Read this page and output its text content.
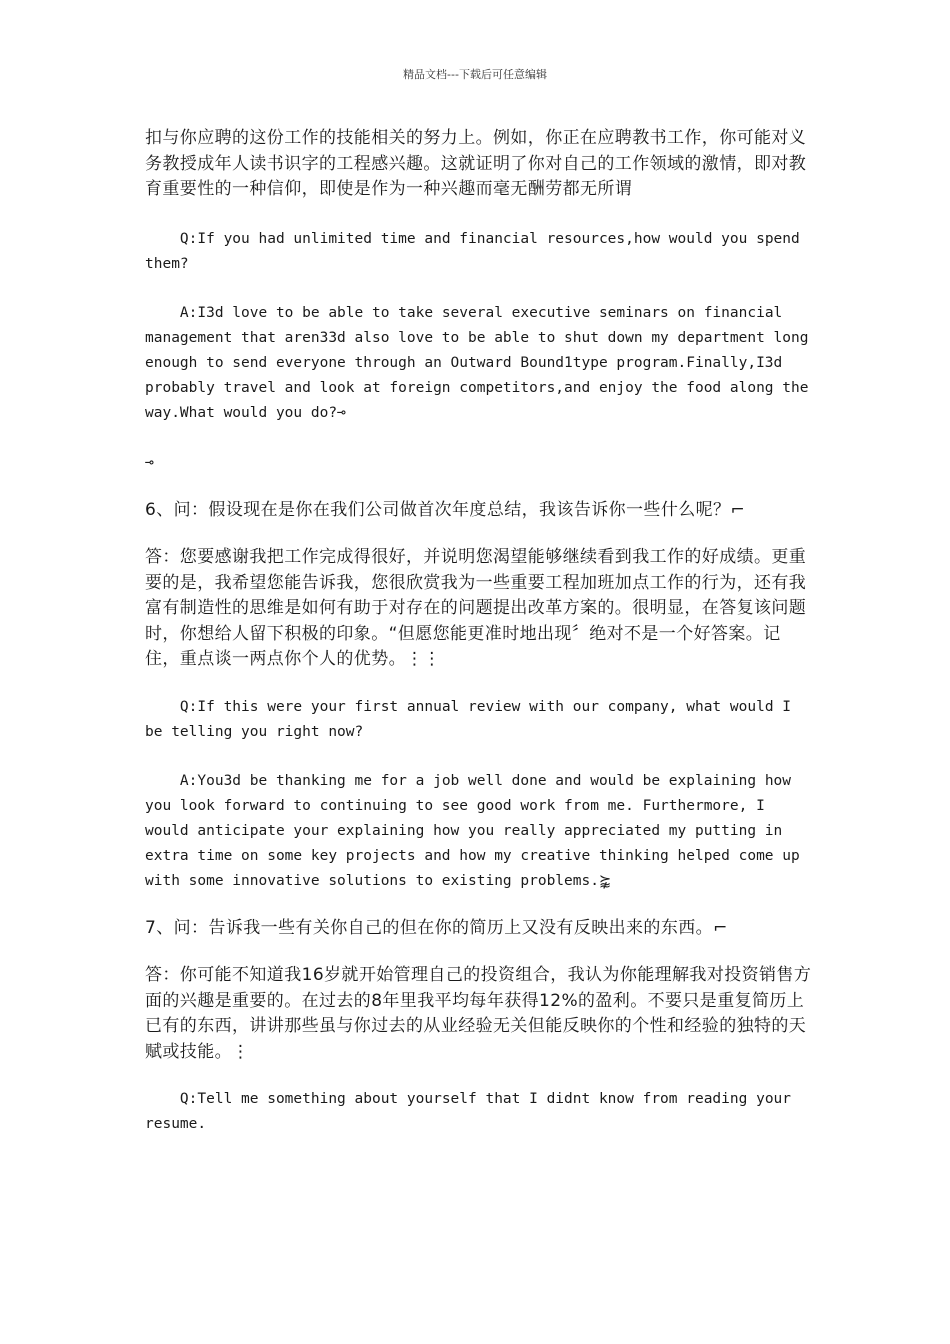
精品文档---下载后可任意编辑

扣与你应聘的这份工作的技能相关的努力上。例如，你正在应聘教书工作，你可能对义务教授成年人读书识字的工程感兴趣。这就证明了你对自己的工作领域的激情，即对教育重要性的一种信仰，即使是作为一种兴趣而毫无酬劳都无所谓

Q:If you had unlimited time and financial resources,how would you spend them?

A:I3d love to be able to take several executive seminars on financial management that aren33d also love to be able to shut down my department long enough to send everyone through an Outward Bound1type program.Finally,I3d probably travel and look at foreign competitors,and enjoy the food along the way.What would you do?⊸

⊸

6、问：假设现在是你在我们公司做首次年度总结，我该告诉你一些什么呢？⌐

答：您要感谢我把工作完成得很好，并说明您渴望能够继续看到我工作的好成绩。更重要的是，我希望您能告诉我，您很欣赏我为一些重要工程加班加点工作的行为，还有我富有制造性的思维是如何有助于对存在的问题提出改革方案的。很明显，在答复该问题时，你想给人留下积极的印象。“但愿您能更准时地出现〞绝对不是一个好答案。记住，重点谈一两点你个人的优势。⋮⋮

Q:If this were your first annual review with our company, what would I be telling you right now?

A:You3d be thanking me for a job well done and would be explaining how you look forward to continuing to see good work from me. Furthermore, I would anticipate your explaining how you really appreciated my putting in extra time on some key projects and how my creative thinking helped come up with some innovative solutions to existing problems.⪺

7、问：告诉我一些有关你自己的但在你的简历上又没有反映出来的东西。⌐

答：你可能不知道我16岁就开始管理自己的投资组合，我认为你能理解我对投资销售方面的兴趣是重要的。在过去的8年里我平均每年获得12%的盈利。不要只是重复简历上已有的东西，讲讲那些虽与你过去的从业经验无关但能反映你的个性和经验的独特的天赋或技能。⋮

Q:Tell me something about yourself that I didnt know from reading your resume.
